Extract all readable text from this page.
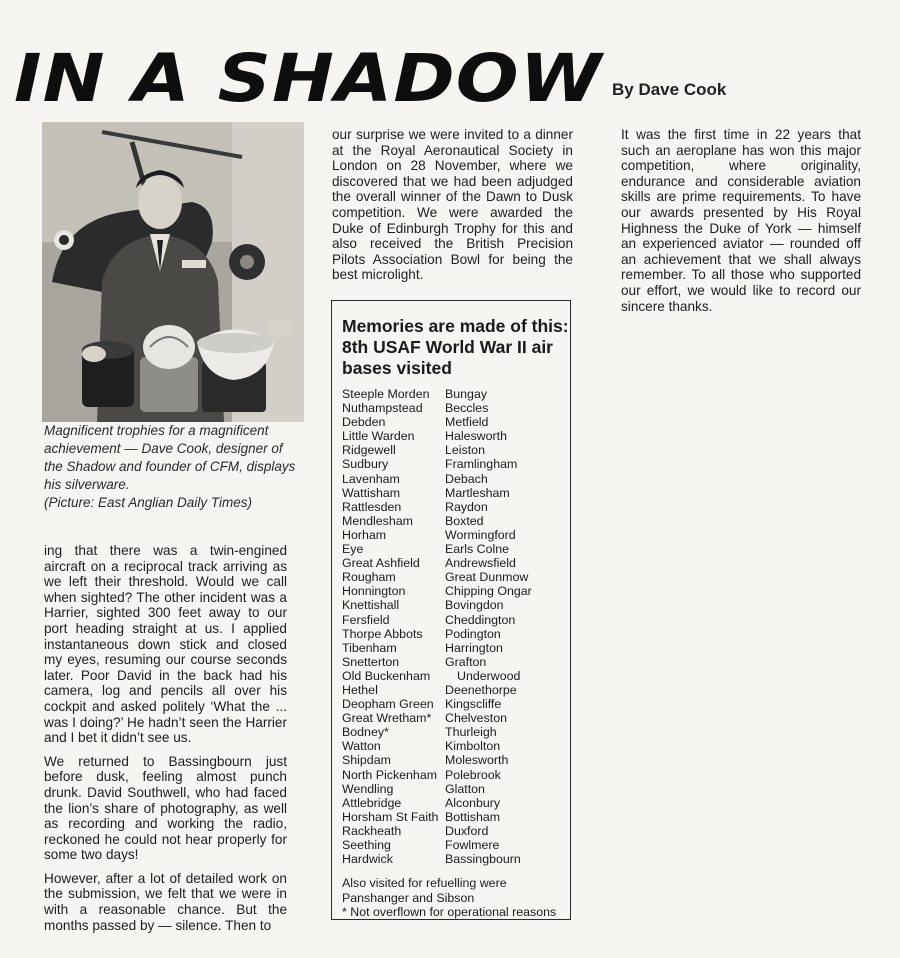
IN A SHADOW By Dave Cook

Magnificent trophies for a magnificent achievement — Dave Cook, designer of the Shadow and founder of CFM, displays his silverware.

(Picture: East Anglian Daily Times)

ing that there was a twin-engined aircraft on a reciprocal track arriving as we left their threshold. Would we call when sighted? The other incident was a Harrier, sighted 300 feet away to our port heading straight at us. I applied instantaneous down stick and closed my eyes, resuming our course seconds later. Poor David in the back had his camera, log and pencils all over his cockpit and asked politely ‘What the ... was I doing?’ He hadn’t seen the Harrier and I bet it didn’t see us.

We returned to Bassingbourn just before dusk, feeling almost punch drunk. David Southwell, who had faced the lion’s share of photography, as well as recording and working the radio, reckoned he could not hear properly for some two days!

However, after a lot of detailed work on the submission, we felt that we were in with a reasonable chance. But the months passed by — silence. Then to

our surprise we were invited to a dinner at the Royal Aeronautical Society in London on 28 November, where we discovered that we had been adjudged the overall winner of the Dawn to Dusk competition. We were awarded the Duke of Edinburgh Trophy for this and also received the British Precision Pilots Association Bowl for being the best microlight.

It was the first time in 22 years that such an aeroplane has won this major competition, where originality, endurance and considerable aviation skills are prime requirements. To have our awards presented by His Royal Highness the Duke of York — himself an experienced aviator — rounded off an achievement that we shall always remember. To all those who supported our effort, we would like to record our sincere thanks.

Memories are made of this: 8th USAF World War II air bases visited
Steeple Morden
Nuthampstead
Debden
Little Warden
Ridgewell
Sudbury
Lavenham
Wattisham
Rattlesden
Mendlesham
Horham
Eye
Great Ashfield
Rougham
Honnington
Knettishall
Fersfield
Thorpe Abbots
Tibenham
Snetterton
Old Buckenham
Hethel
Deopham Green
Great Wretham*
Bodney*
Watton
Shipdam
North Pickenham
Wendling
Attlebridge
Horsham St Faith
Rackheath
Seething
Hardwick
Bungay
Beccles
Metfield
Halesworth
Leiston
Framlingham
Debach
Martlesham
Raydon
Boxted
Wormingford
Earls Colne
Andrewsfield
Great Dunmow
Chipping Ongar
Bovingdon
Cheddington
Podington
Harrington
Grafton
Underwood
Deenethorpe
Kingscliffe
Chelveston
Thurleigh
Kimbolton
Molesworth
Polebrook
Glatton
Alconbury
Bottisham
Duxford
Fowlmere
Bassingbourn

Also visited for refuelling were Panshanger and Sibson

* Not overflown for operational reasons
